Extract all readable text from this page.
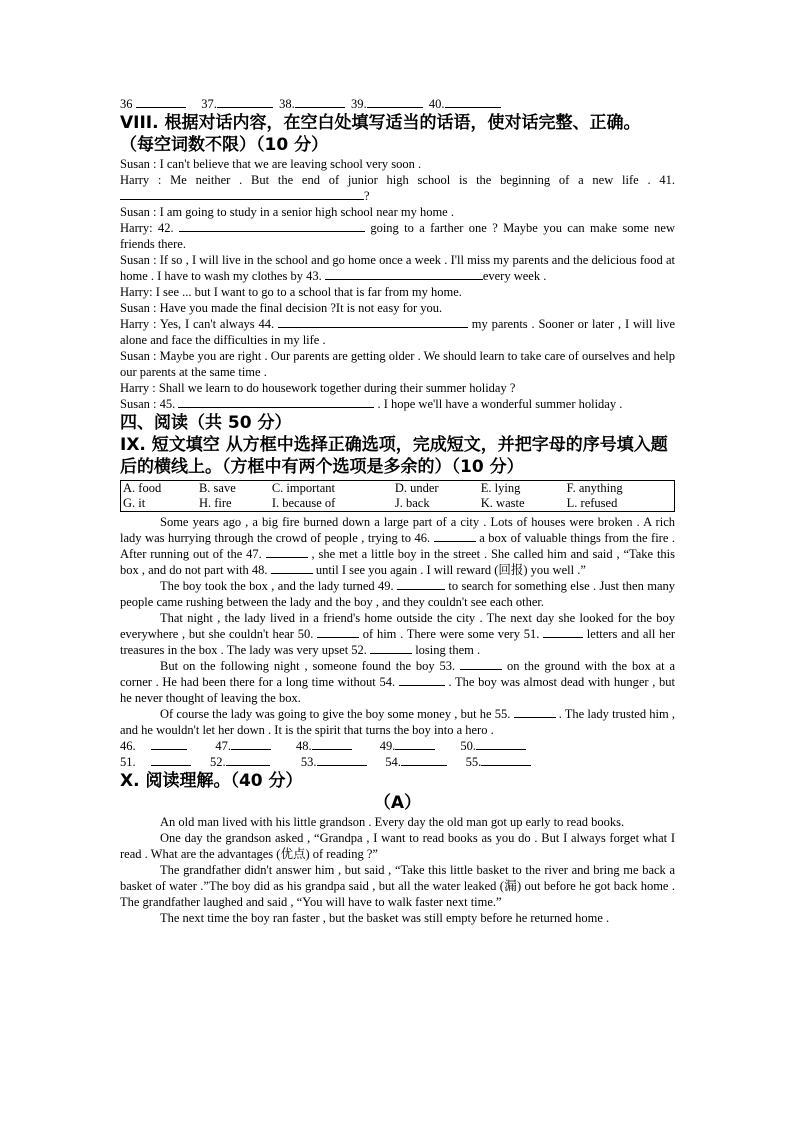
36	37.	38.	39.	40.

VIII. 根据对话内容，在空白处填写适当的话语，使对话完整、正确。

（每空词数不限）（10 分）

Susan : I can't believe that we are leaving school very soon .

Harry : Me neither . But the end of junior high school is the beginning of a new life . 41. ?

Susan : I am going to study in a senior high school near my home .

Harry: 42.	going to a farther one ? Maybe you can make some new friends there.

Susan : If so , I will live in the school and go home once a week . I'll miss my parents and the delicious food at home . I have to wash my clothes by 43.	every week .

Harry: I see ... but I want to go to a school that is far from my home.

Susan : Have you made the final decision ?It is not easy for you.

Harry : Yes, I can't always 44.	my parents . Sooner or later , I will live alone and face the difficulties in my life .

Susan : Maybe you are right . Our parents are getting older . We should learn to take care of ourselves and help our parents at the same time .

Harry : Shall we learn to do housework together during their summer holiday ?

Susan : 45.	. I hope we'll have a wonderful summer holiday .

四、阅读（共 50 分）

IX. 短文填空 从方框中选择正确选项，完成短文，并把字母的序号填入题后的横线上。（方框中有两个选项是多余的）（10 分）

A. food	B. save	C. important	D. under	E. lying	F. anything
G. it	H. fire	I. because of	J. back	K. waste	L. refused

Some years ago , a big fire burned down a large part of a city . Lots of houses were broken . A rich lady was hurrying through the crowd of people , trying to 46.	a box of valuable things from the fire . After running out of the 47.	, she met a little boy in the street . She called him and said , “Take this box , and do not part with 48.	until I see you again . I will reward (回报) you well .”

The boy took the box , and the lady turned 49.	to search for something else . Just then many people came rushing between the lady and the boy , and they couldn't see each other.

That night , the lady lived in a friend's home outside the city . The next day she looked for the boy everywhere , but she couldn't hear 50.	of him . There were some very 51.	letters and all her treasures in the box . The lady was very upset 52.	losing them .

But on the following night , someone found the boy 53.	on the ground with the box at a corner . He had been there for a long time without 54.	. The boy was almost dead with hunger , but he never thought of leaving the box.

Of course the lady was going to give the boy some money , but he 55.	. The lady trusted him , and he wouldn't let her down . It is the spirit that turns the boy into a hero .

46.	47.	48.	49.	50.
51.	52.	53.	54.	55.

X. 阅读理解。（40 分）

（A）

An old man lived with his little grandson . Every day the old man got up early to read books.

One day the grandson asked , “Grandpa , I want to read books as you do . But I always forget what I read . What are the advantages (优点) of reading ?”

The grandfather didn't answer him , but said , “Take this little basket to the river and bring me back a basket of water .”The boy did as his grandpa said , but all the water leaked (漏) out before he got back home . The grandfather laughed and said , “You will have to walk faster next time.”

The next time the boy ran faster , but the basket was still empty before he returned home .
